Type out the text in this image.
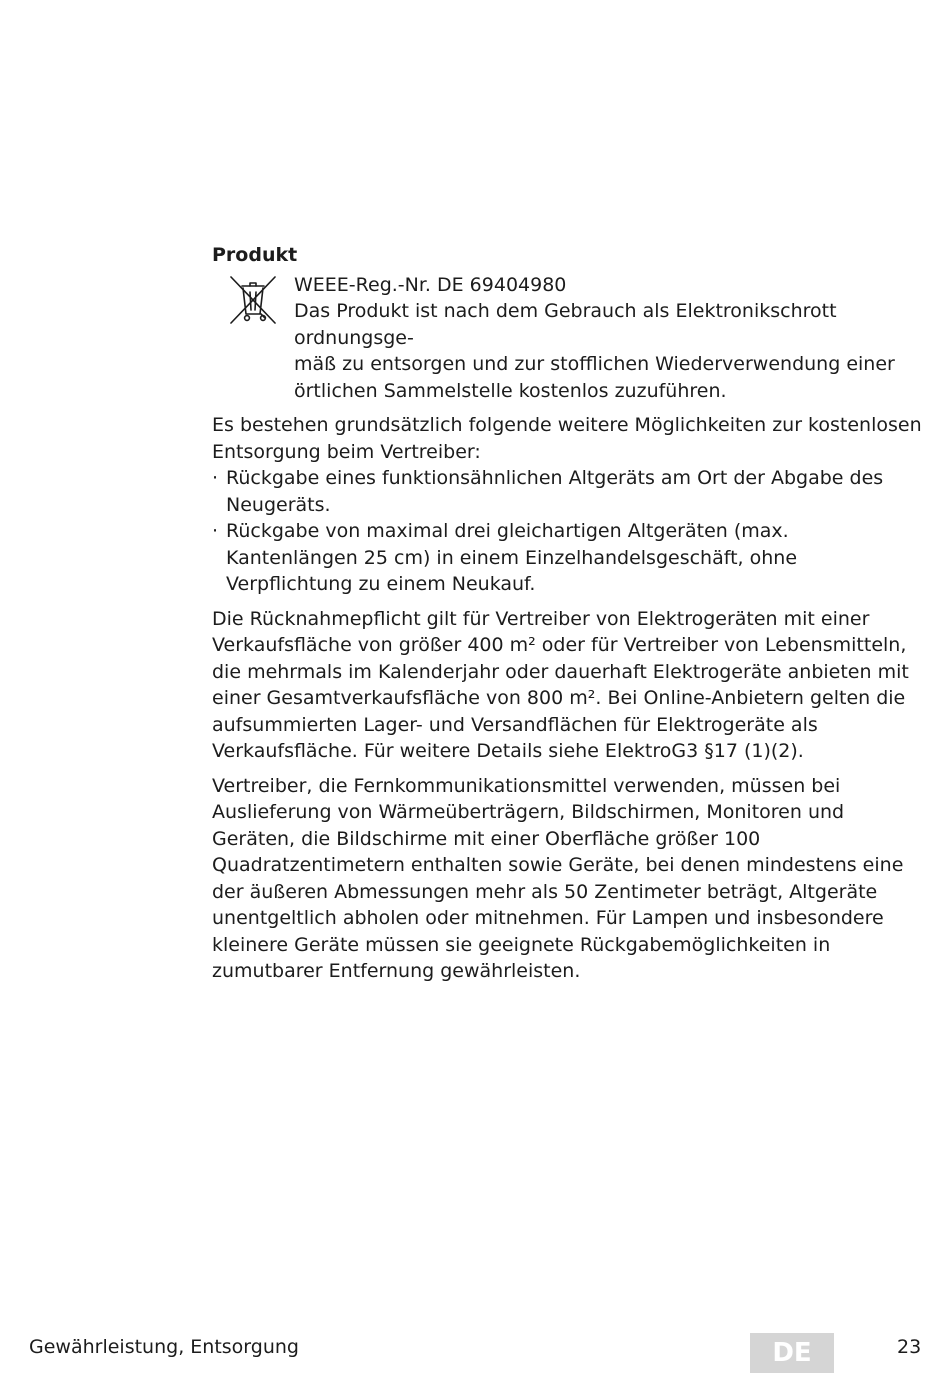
Produkt
WEEE-Reg.-Nr. DE 69404980
Das Produkt ist nach dem Gebrauch als Elektronikschrott ordnungsge-
mäß zu entsorgen und zur stofflichen Wiederverwendung einer
örtlichen Sammelstelle kostenlos zuzuführen.

Es bestehen grundsätzlich folgende weitere Möglichkeiten zur kostenlosen Entsorgung beim Vertreiber:

· Rückgabe eines funktionsähnlichen Altgeräts am Ort der Abgabe des Neugeräts.
· Rückgabe von maximal drei gleichartigen Altgeräten (max. Kantenlängen 25 cm) in einem Einzelhandelsgeschäft, ohne Verpflichtung zu einem Neukauf.

Die Rücknahmepflicht gilt für Vertreiber von Elektrogeräten mit einer Verkaufsfläche von größer 400 m² oder für Vertreiber von Lebensmitteln, die mehrmals im Kalenderjahr oder dauerhaft Elektrogeräte anbieten mit einer Gesamtverkaufsfläche von 800 m². Bei Online-Anbietern gelten die aufsummierten Lager- und Versandflächen für Elektrogeräte als Verkaufsfläche. Für weitere Details siehe ElektroG3 §17 (1)(2).

Vertreiber, die Fernkommunikationsmittel verwenden, müssen bei Auslieferung von Wärmeüberträgern, Bildschirmen, Monitoren und Geräten, die Bildschirme mit einer Oberfläche größer 100 Quadratzentimetern enthalten sowie Geräte, bei denen mindestens eine der äußeren Abmessungen mehr als 50 Zentimeter beträgt, Altgeräte unentgeltlich abholen oder mitnehmen. Für Lampen und insbesondere kleinere Geräte müssen sie geeignete Rückgabemöglichkeiten in zumutbarer Entfernung gewährleisten.

Gewährleistung, Entsorgung	DE	23
